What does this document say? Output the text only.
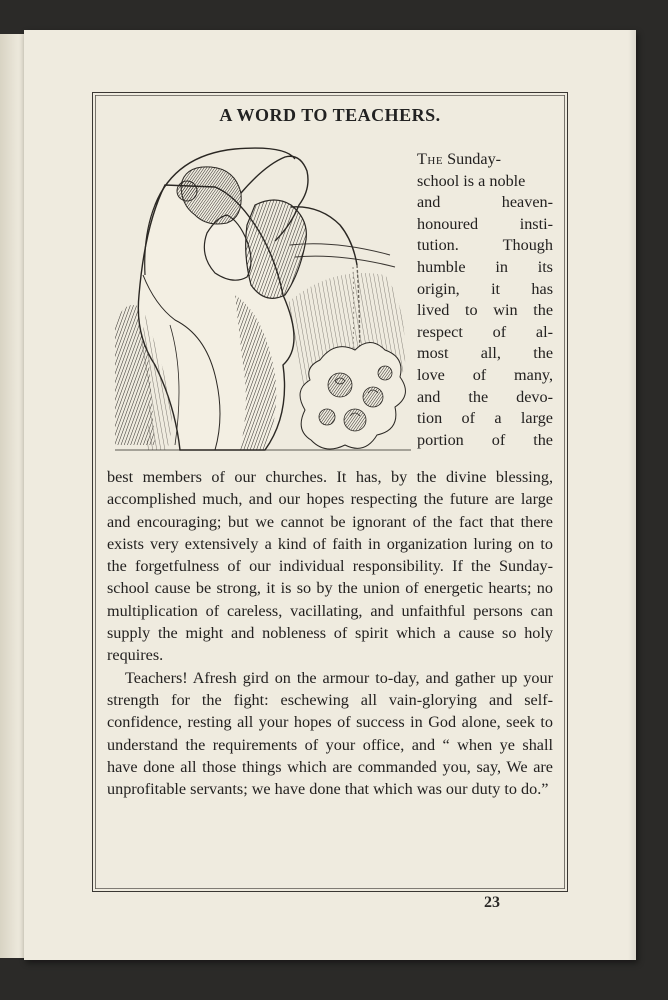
A WORD TO TEACHERS.

The Sunday-

school is a noble

and heaven-

honoured insti-

tution. Though

humble in its

origin, it has

lived to win the

respect of al-

most all, the

love of many,

and the devo-

tion of a large

portion of the

best members of our churches. It has, by the divine blessing, accomplished much, and our hopes respecting the future are large and encouraging; but we cannot be ignorant of the fact that there exists very extensively a kind of faith in organization luring on to the forgetfulness of our individual responsibility. If the Sunday-school cause be strong, it is so by the union of energetic hearts; no multiplication of careless, vacillating, and unfaithful persons can supply the might and nobleness of spirit which a cause so holy requires.

Teachers! Afresh gird on the armour to-day, and gather up your strength for the fight: eschewing all vain-glorying and self-confidence, resting all your hopes of success in God alone, seek to understand the requirements of your office, and “ when ye shall have done all those things which are commanded you, say, We are unprofitable servants; we have done that which was our duty to do.”

23
